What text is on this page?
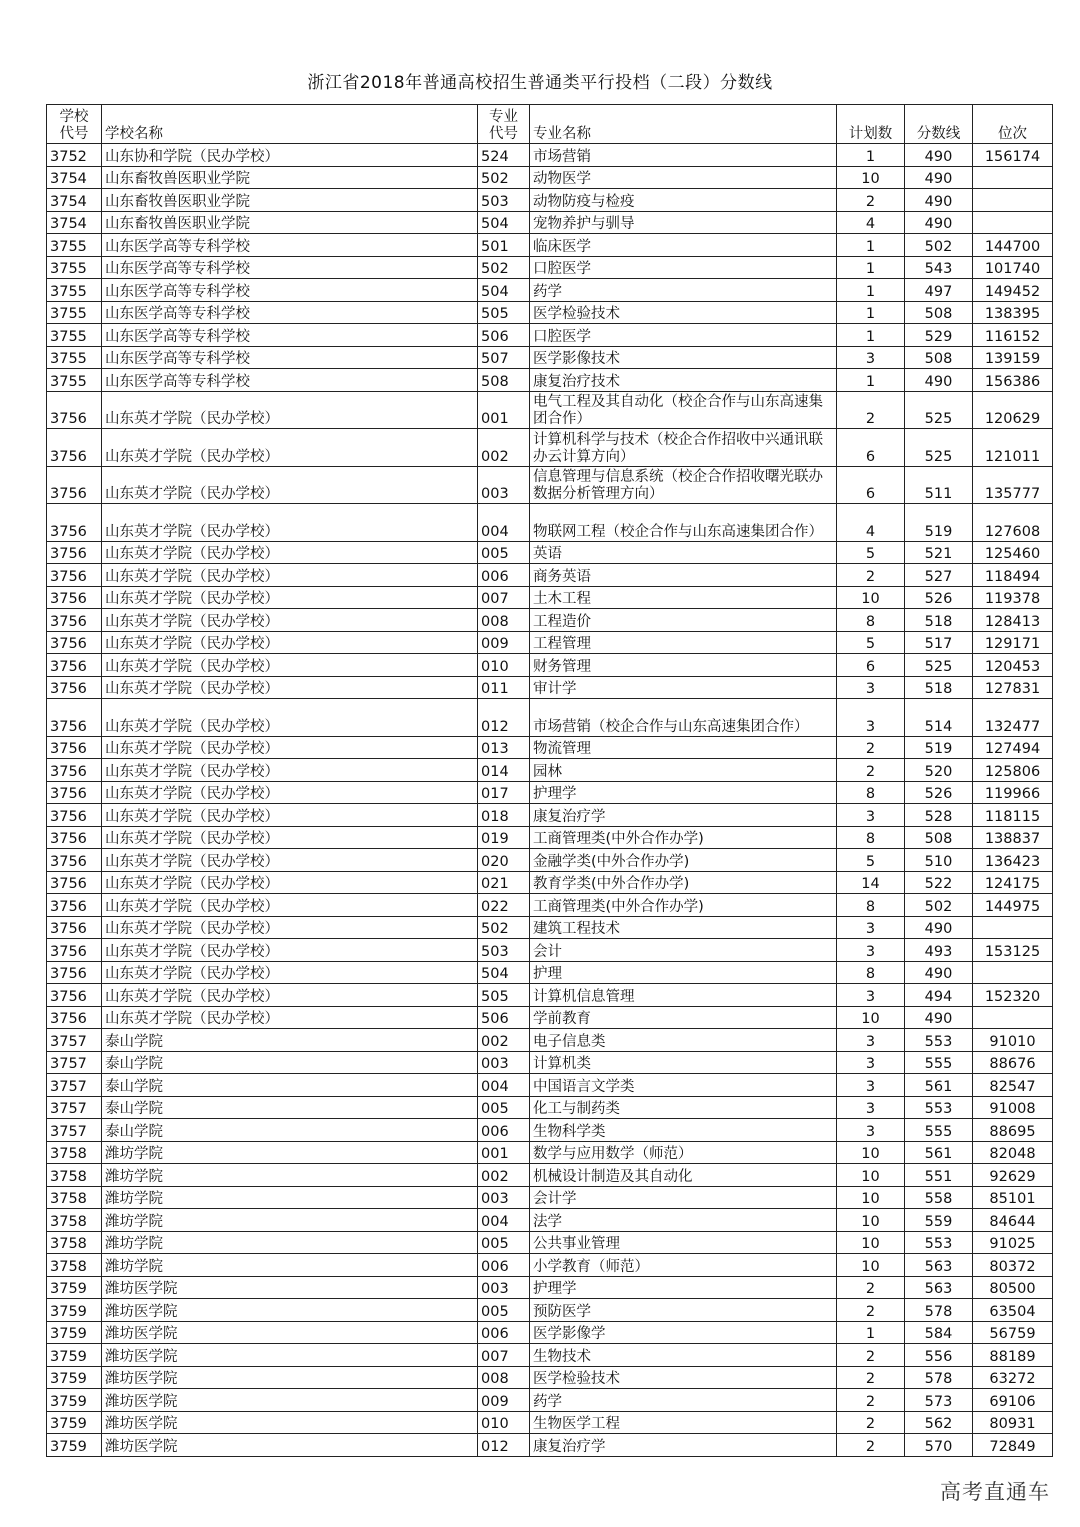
浙江省2018年普通高校招生普通类平行投档（二段）分数线
学校
代号	学校名称	专业
代号	专业名称	计划数	分数线	位次
3752	山东协和学院（民办学校）	524	市场营销	1	490	156174
3754	山东畜牧兽医职业学院	502	动物医学	10	490	
3754	山东畜牧兽医职业学院	503	动物防疫与检疫	2	490	
3754	山东畜牧兽医职业学院	504	宠物养护与驯导	4	490	
3755	山东医学高等专科学校	501	临床医学	1	502	144700
3755	山东医学高等专科学校	502	口腔医学	1	543	101740
3755	山东医学高等专科学校	504	药学	1	497	149452
3755	山东医学高等专科学校	505	医学检验技术	1	508	138395
3755	山东医学高等专科学校	506	口腔医学	1	529	116152
3755	山东医学高等专科学校	507	医学影像技术	3	508	139159
3755	山东医学高等专科学校	508	康复治疗技术	1	490	156386
3756	山东英才学院（民办学校）	001	电气工程及其自动化（校企合作与山东高速集团合作）	2	525	120629
3756	山东英才学院（民办学校）	002	计算机科学与技术（校企合作招收中兴通讯联办云计算方向）	6	525	121011
3756	山东英才学院（民办学校）	003	信息管理与信息系统（校企合作招收曙光联办数据分析管理方向）	6	511	135777
3756	山东英才学院（民办学校）	004	物联网工程（校企合作与山东高速集团合作）	4	519	127608
3756	山东英才学院（民办学校）	005	英语	5	521	125460
3756	山东英才学院（民办学校）	006	商务英语	2	527	118494
3756	山东英才学院（民办学校）	007	土木工程	10	526	119378
3756	山东英才学院（民办学校）	008	工程造价	8	518	128413
3756	山东英才学院（民办学校）	009	工程管理	5	517	129171
3756	山东英才学院（民办学校）	010	财务管理	6	525	120453
3756	山东英才学院（民办学校）	011	审计学	3	518	127831
3756	山东英才学院（民办学校）	012	市场营销（校企合作与山东高速集团合作）	3	514	132477
3756	山东英才学院（民办学校）	013	物流管理	2	519	127494
3756	山东英才学院（民办学校）	014	园林	2	520	125806
3756	山东英才学院（民办学校）	017	护理学	8	526	119966
3756	山东英才学院（民办学校）	018	康复治疗学	3	528	118115
3756	山东英才学院（民办学校）	019	工商管理类(中外合作办学)	8	508	138837
3756	山东英才学院（民办学校）	020	金融学类(中外合作办学)	5	510	136423
3756	山东英才学院（民办学校）	021	教育学类(中外合作办学)	14	522	124175
3756	山东英才学院（民办学校）	022	工商管理类(中外合作办学)	8	502	144975
3756	山东英才学院（民办学校）	502	建筑工程技术	3	490	
3756	山东英才学院（民办学校）	503	会计	3	493	153125
3756	山东英才学院（民办学校）	504	护理	8	490	
3756	山东英才学院（民办学校）	505	计算机信息管理	3	494	152320
3756	山东英才学院（民办学校）	506	学前教育	10	490	
3757	泰山学院	002	电子信息类	3	553	91010
3757	泰山学院	003	计算机类	3	555	88676
3757	泰山学院	004	中国语言文学类	3	561	82547
3757	泰山学院	005	化工与制药类	3	553	91008
3757	泰山学院	006	生物科学类	3	555	88695
3758	潍坊学院	001	数学与应用数学（师范）	10	561	82048
3758	潍坊学院	002	机械设计制造及其自动化	10	551	92629
3758	潍坊学院	003	会计学	10	558	85101
3758	潍坊学院	004	法学	10	559	84644
3758	潍坊学院	005	公共事业管理	10	553	91025
3758	潍坊学院	006	小学教育（师范）	10	563	80372
3759	潍坊医学院	003	护理学	2	563	80500
3759	潍坊医学院	005	预防医学	2	578	63504
3759	潍坊医学院	006	医学影像学	1	584	56759
3759	潍坊医学院	007	生物技术	2	556	88189
3759	潍坊医学院	008	医学检验技术	2	578	63272
3759	潍坊医学院	009	药学	2	573	69106
3759	潍坊医学院	010	生物医学工程	2	562	80931
3759	潍坊医学院	012	康复治疗学	2	570	72849
高考直通车
